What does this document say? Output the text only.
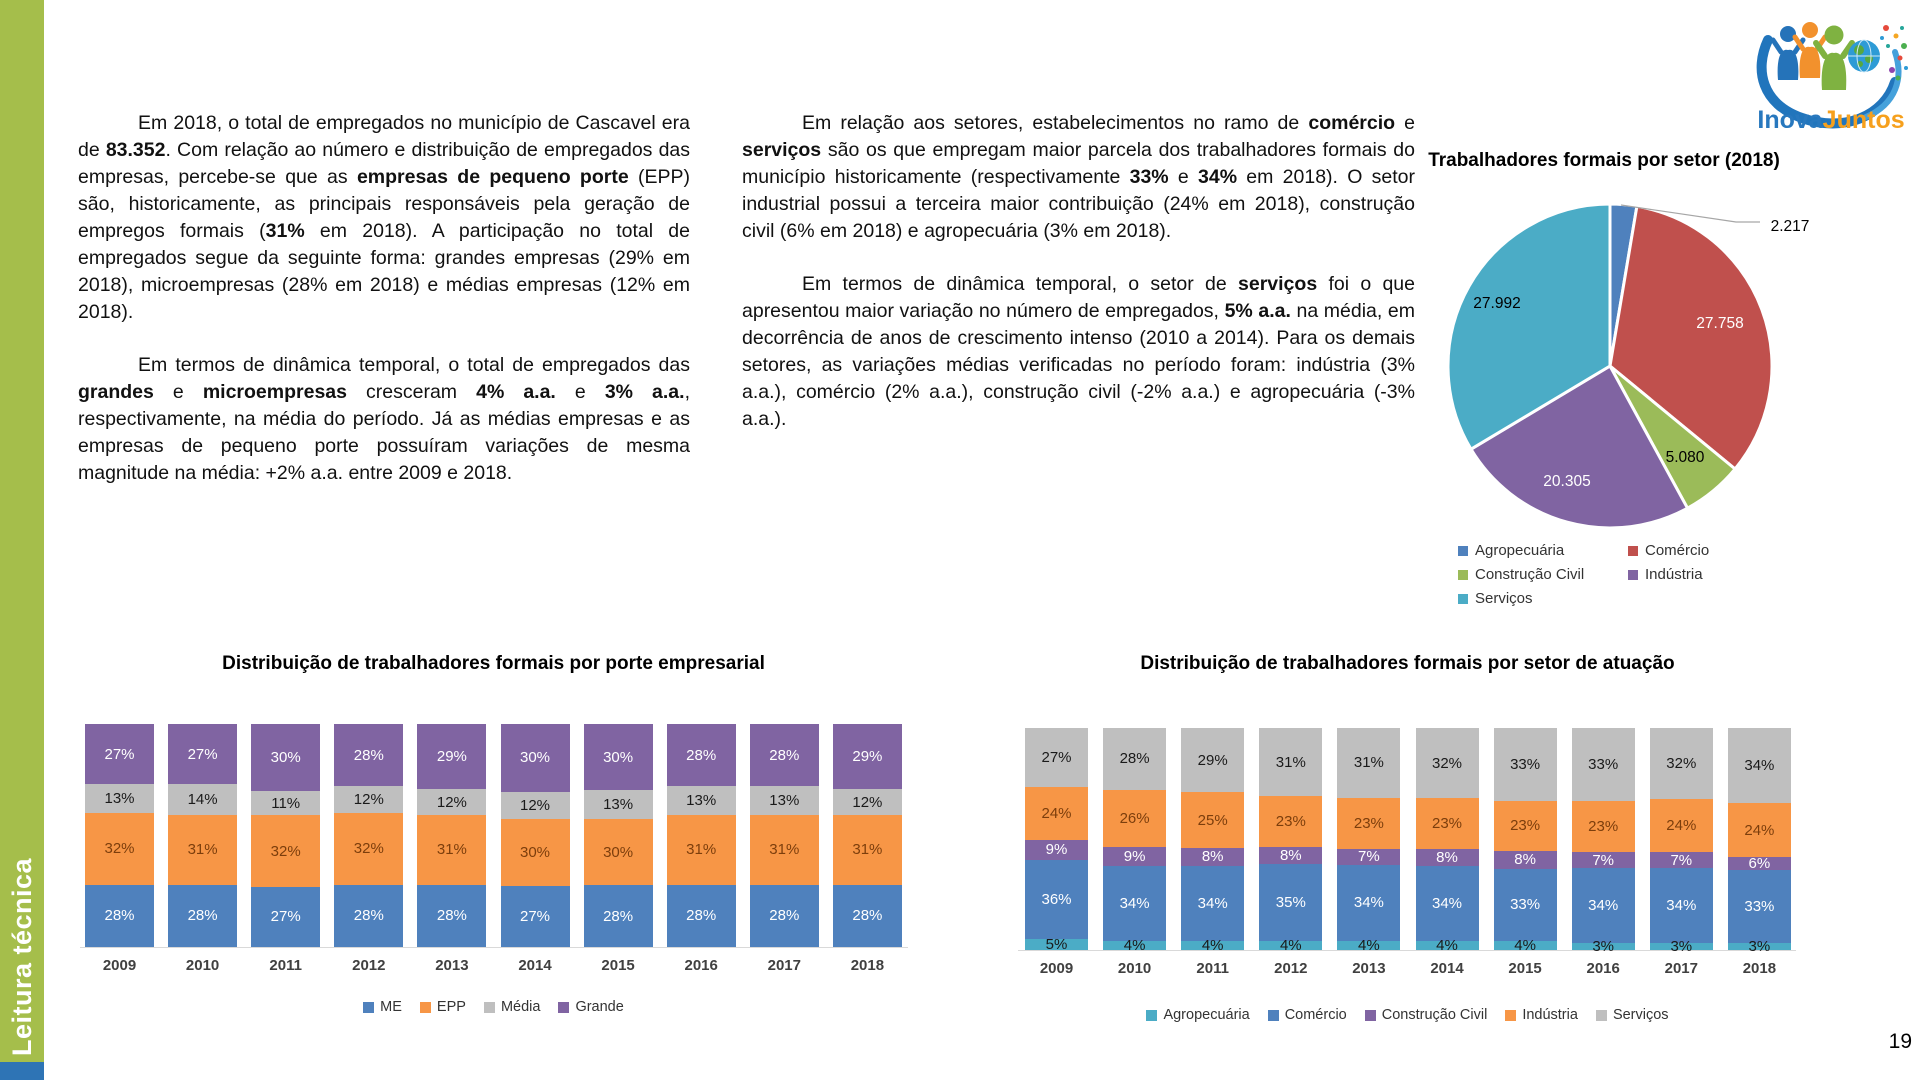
Leitura técnica
InovaJuntos

Em 2018, o total de empregados no município de Cascavel era de 83.352. Com relação ao número e distribuição de empregados das empresas, percebe-se que as empresas de pequeno porte (EPP) são, historicamente, as principais responsáveis pela geração de empregos formais (31% em 2018). A participação no total de empregados segue da seguinte forma: grandes empresas (29% em 2018), microempresas (28% em 2018) e médias empresas (12% em 2018).

Em termos de dinâmica temporal, o total de empregados das grandes e microempresas cresceram 4% a.a. e 3% a.a., respectivamente, na média do período. Já as médias empresas e as empresas de pequeno porte possuíram variações de mesma magnitude na média: +2% a.a. entre 2009 e 2018.

Em relação aos setores, estabelecimentos no ramo de comércio e serviços são os que empregam maior parcela dos trabalhadores formais do município historicamente (respectivamente 33% e 34% em 2018). O setor industrial possui a terceira maior contribuição (24% em 2018), construção civil (6% em 2018) e agropecuária (3% em 2018).

Em termos de dinâmica temporal, o setor de serviços foi o que apresentou maior variação no número de empregados, 5% a.a. na média, em decorrência de anos de crescimento intenso (2010 a 2014). Para os demais setores, as variações médias verificadas no período foram: indústria (3% a.a.), comércio (2% a.a.), construção civil (-2% a.a.) e agropecuária (-3% a.a.).

Trabalhadores formais por setor (2018)
2.217
27.758
5.080
20.305
27.992
Agropecuária	Comércio
Construção Civil	Indústria
Serviços
Distribuição de trabalhadores formais por porte empresarial
ME EPP Média Grande
Distribuição de trabalhadores formais por setor de atuação
Agropecuária Comércio Construção Civil Indústria Serviços
19
27%
13%
32%
28%
2009
27%
14%
31%
28%
2010
30%
11%
32%
27%
2011
28%
12%
32%
28%
2012
29%
12%
31%
28%
2013
30%
12%
30%
27%
2014
30%
13%
30%
28%
2015
28%
13%
31%
28%
2016
28%
13%
31%
28%
2017
29%
12%
31%
28%
2018
27%
24%
9%
36%
5%
2009
28%
26%
9%
34%
4%
2010
29%
25%
8%
34%
4%
2011
31%
23%
8%
35%
4%
2012
31%
23%
7%
34%
4%
2013
32%
23%
8%
34%
4%
2014
33%
23%
8%
33%
4%
2015
33%
23%
7%
34%
3%
2016
32%
24%
7%
34%
3%
2017
34%
24%
6%
33%
3%
2018
